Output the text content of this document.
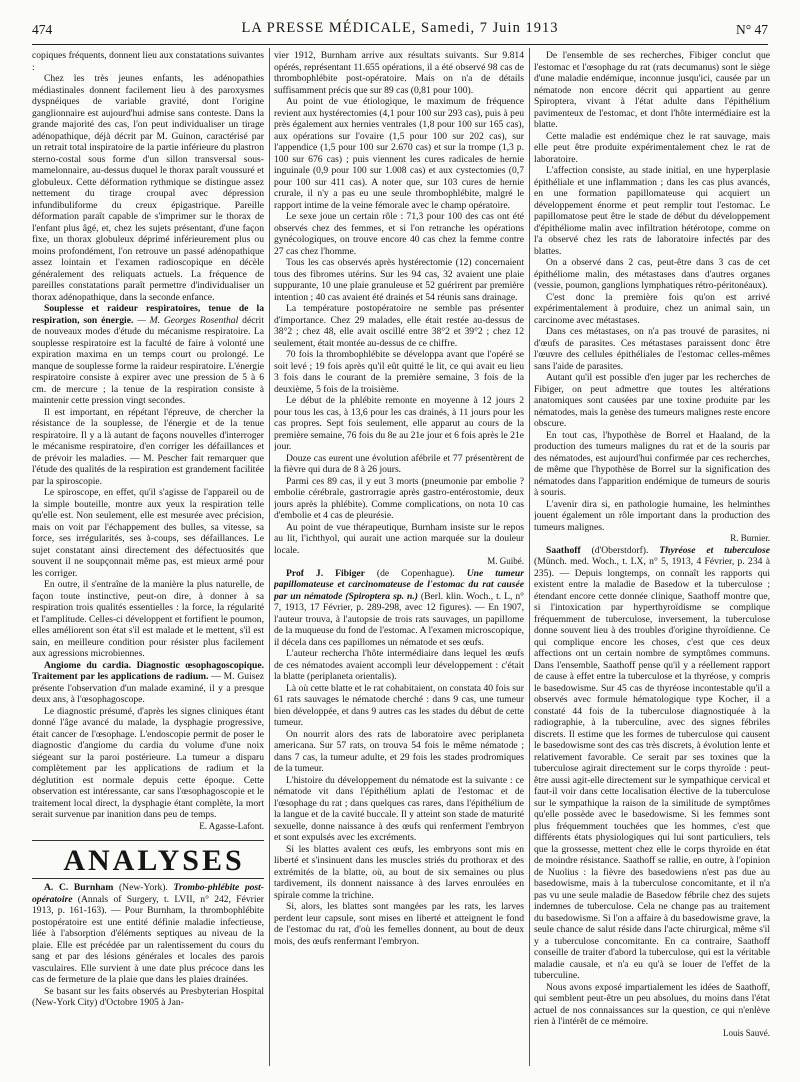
474	LA PRESSE MÉDICALE, Samedi, 7 Juin 1913	N° 47

copiques fréquents, donnent lieu aux constatations suivantes :

Chez les très jeunes enfants, les adénopathies médiastinales donnent facilement lieu à des paroxysmes dyspnéiques de variable gravité, dont l'origine ganglionnaire est aujourd'hui admise sans conteste. Dans la grande majorité des cas, l'on peut individualiser un tirage adénopathique, déjà décrit par M. Guinon, caractérisé par un retrait total inspiratoire de la partie inférieure du plastron sterno-costal sous forme d'un sillon transversal sous-mamelonnaire, au-dessus duquel le thorax paraît voussuré et globuleux. Cette déformation rythmique se distingue assez nettement du tirage croupal avec dépression infundibuliforme du creux épigastrique. Pareille déformation paraît capable de s'imprimer sur le thorax de l'enfant plus âgé, et, chez les sujets présentant, d'une façon fixe, un thorax globuleux déprimé inférieurement plus ou moins profondément, l'on retrouve un passé adénopathique assez lointain et l'examen radioscopique en décèle généralement des reliquats actuels. La fréquence de pareilles constatations paraît permettre d'individualiser un thorax adénopathique, dans la seconde enfance.

Souplesse et raideur respiratoires, tenue de la respiration, son énergie. — M. Georges Rosenthal décrit de nouveaux modes d'étude du mécanisme respiratoire. La souplesse respiratoire est la faculté de faire à volonté une expiration maxima en un temps court ou prolongé. Le manque de souplesse forme la raideur respiratoire. L'énergie respiratoire consiste à expirer avec une pression de 5 à 6 cm. de mercure ; la tenue de la respiration consiste à maintenir cette pression vingt secondes.

Il est important, en répétant l'épreuve, de chercher la résistance de la souplesse, de l'énergie et de la tenue respiratoire. Il y a là autant de façons nouvelles d'interroger le mécanisme respiratoire, d'en corriger les défaillances et de prévoir les maladies. — M. Pescher fait remarquer que l'étude des qualités de la respiration est grandement facilitée par la spiroscopie.

Le spiroscope, en effet, qu'il s'agisse de l'appareil ou de la simple bouteille, montre aux yeux la respiration telle qu'elle est. Non seulement, elle est mesurée avec précision, mais on voit par l'échappement des bulles, sa vitesse, sa force, ses irrégularités, ses à-coups, ses défaillances. Le sujet constatant ainsi directement des défectuosités que souvent il ne soupçonnait même pas, est mieux armé pour les corriger.

En outre, il s'entraîne de la manière la plus naturelle, de façon toute instinctive, peut-on dire, à donner à sa respiration trois qualités essentielles : la force, la régularité et l'amplitude. Celles-ci développent et fortifient le poumon, elles améliorent son état s'il est malade et le mettent, s'il est sain, en meilleure condition pour résister plus facilement aux agressions microbiennes.

Angiome du cardia. Diagnostic œsophagoscopique. Traitement par les applications de radium. — M. Guisez présente l'observation d'un malade examiné, il y a presque deux ans, à l'œsophagoscope.

Le diagnostic présumé, d'après les signes cliniques étant donné l'âge avancé du malade, la dysphagie progressive, était cancer de l'œsophage. L'endoscopie permit de poser le diagnostic d'angiome du cardia du volume d'une noix siégeant sur la paroi postérieure. La tumeur a disparu complètement par les applications de radium et la déglutition est normale depuis cette époque. Cette observation est intéressante, car sans l'œsophagoscopie et le traitement local direct, la dysphagie étant complète, la mort serait survenue par inanition dans peu de temps.

E. Agasse-Lafont.

ANALYSES

A. C. Burnham (New-York). Trombo-phlébite post-opératoire (Annals of Surgery, t. LVII, n° 242, Février 1913, p. 161-163). — Pour Burnham, la thrombophlébite postopératoire est une entité définie maladie infectieuse, liée à l'absorption d'éléments septiques au niveau de la plaie. Elle est précédée par un ralentissement du cours du sang et par des lésions générales et locales des parois vasculaires. Elle survient à une date plus précoce dans les cas de fermeture de la plaie que dans les plaies drainées.

Se basant sur les faits observés au Presbyterian Hospital (New-York City) d'Octobre 1905 à Jan-

vier 1912, Burnham arrive aux résultats suivants. Sur 9.814 opérés, représentant 11.655 opérations, il a été observé 98 cas de thrombophlébite post-opératoire. Mais on n'a de détails suffisamment précis que sur 89 cas (0,81 pour 100).

Au point de vue étiologique, le maximum de fréquence revient aux hystérectomies (4,1 pour 100 sur 293 cas), puis à peu près également aux hernies ventrales (1,8 pour 100 sur 165 cas), aux opérations sur l'ovaire (1,5 pour 100 sur 202 cas), sur l'appendice (1,5 pour 100 sur 2.670 cas) et sur la trompe (1,3 p. 100 sur 676 cas) ; puis viennent les cures radicales de hernie inguinale (0,9 pour 100 sur 1.008 cas) et aux cystectomies (0,7 pour 100 sur 411 cas). A noter que, sur 103 cures de hernie crurale, il n'y a pas eu une seule thrombophlébite, malgré le rapport intime de la veine fémorale avec le champ opératoire.

Le sexe joue un certain rôle : 71,3 pour 100 des cas ont été observés chez des femmes, et si l'on retranche les opérations gynécologiques, on trouve encore 40 cas chez la femme contre 27 cas chez l'homme.

Tous les cas observés après hystérectomie (12) concernaient tous des fibromes utérins. Sur les 94 cas, 32 avaient une plaie suppurante, 10 une plaie granuleuse et 52 guérirent par première intention ; 40 cas avaient été drainés et 54 réunis sans drainage.

La température postopératoire ne semble pas présenter d'importance. Chez 29 malades, elle était restée au-dessus de 38°2 ; chez 48, elle avait oscillé entre 38°2 et 39°2 ; chez 12 seulement, était montée au-dessus de ce chiffre.

70 fois la thrombophlébite se développa avant que l'opéré se soit levé ; 19 fois après qu'il eût quitté le lit, ce qui avait eu lieu 3 fois dans le courant de la première semaine, 3 fois de la deuxième, 5 fois de la troisième.

Le début de la phlébite remonte en moyenne à 12 jours 2 pour tous les cas, à 13,6 pour les cas drainés, à 11 jours pour les cas propres. Sept fois seulement, elle apparut au cours de la première semaine, 76 fois du 8e au 21e jour et 6 fois après le 21e jour.

Douze cas eurent une évolution afébrile et 77 présentèrent de la fièvre qui dura de 8 à 26 jours.

Parmi ces 89 cas, il y eut 3 morts (pneumonie par embolie ? embolie cérébrale, gastrorragie après gastro-entérostomie, deux jours après la phlébite). Comme complications, on nota 10 cas d'embolie et 4 cas de pleurésie.

Au point de vue thérapeutique, Burnham insiste sur le repos au lit, l'ichthyol, qui aurait une action marquée sur la douleur locale.

M. Guibé.

Prof J. Fibiger (de Copenhague). Une tumeur papillomateuse et carcinomateuse de l'estomac du rat causée par un nématode (Spiroptera sp. n.) (Berl. klin. Woch., t. L, n° 7, 1913, 17 Février, p. 289-298, avec 12 figures). — En 1907, l'auteur trouva, à l'autopsie de trois rats sauvages, un papillome de la muqueuse du fond de l'estomac. A l'examen microscopique, il décela dans ces papillomes un nématode et ses œufs.

L'auteur rechercha l'hôte intermédiaire dans lequel les œufs de ces nématodes avaient accompli leur développement : c'était la blatte (periplaneta orientalis).

Là où cette blatte et le rat cohabitaient, on constata 40 fois sur 61 rats sauvages le nématode cherché : dans 9 cas, une tumeur bien développée, et dans 9 autres cas les stades du début de cette tumeur.

On nourrit alors des rats de laboratoire avec periplaneta americana. Sur 57 rats, on trouva 54 fois le même nématode ; dans 7 cas, la tumeur adulte, et 29 fois les stades prodromiques de la tumeur.

L'histoire du développement du nématode est la suivante : ce nématode vit dans l'épithélium aplati de l'estomac et de l'œsophage du rat ; dans quelques cas rares, dans l'épithélium de la langue et de la cavité buccale. Il y atteint son stade de maturité sexuelle, donne naissance à des œufs qui renferment l'embryon et sont expulsés avec les excréments.

Si les blattes avalent ces œufs, les embryons sont mis en liberté et s'insinuent dans les muscles striés du prothorax et des extrémités de la blatte, où, au bout de six semaines ou plus tardivement, ils donnent naissance à des larves enroulées en spirale comme la trichine.

Si, alors, les blattes sont mangées par les rats, les larves perdent leur capsule, sont mises en liberté et atteignent le fond de l'estomac du rat, d'où les femelles donnent, au bout de deux mois, des œufs renfermant l'embryon.

De l'ensemble de ses recherches, Fibiger conclut que l'estomac et l'œsophage du rat (rats decumanus) sont le siège d'une maladie endémique, inconnue jusqu'ici, causée par un nématode non encore décrit qui appartient au genre Spiroptera, vivant à l'état adulte dans l'épithélium pavimenteux de l'estomac, et dont l'hôte intermédiaire est la blatte.

Cette maladie est endémique chez le rat sauvage, mais elle peut être produite expérimentalement chez le rat de laboratoire.

L'affection consiste, au stade initial, en une hyperplasie épithéliale et une inflammation ; dans les cas plus avancés, en une formation papillomateuse qui acquiert un développement énorme et peut remplir tout l'estomac. Le papillomatose peut être le stade de début du développement d'épithéliome malin avec infiltration hétérotope, comme on l'a observé chez les rats de laboratoire infectés par des blattes.

On a observé dans 2 cas, peut-être dans 3 cas de cet épithéliome malin, des métastases dans d'autres organes (vessie, poumon, ganglions lymphatiques rétro-péritonéaux).

C'est donc la première fois qu'on est arrivé expérimentalement à produire, chez un animal sain, un carcinome avec métastases.

Dans ces métastases, on n'a pas trouvé de parasites, ni d'œufs de parasites. Ces métastases paraissent donc être l'œuvre des cellules épithéliales de l'estomac celles-mêmes sans l'aide de parasites.

Autant qu'il est possible d'en juger par les recherches de Fibiger, on peut admettre que toutes les altérations anatomiques sont causées par une toxine produite par les nématodes, mais la genèse des tumeurs malignes reste encore obscure.

En tout cas, l'hypothèse de Borrel et Haaland, de la production des tumeurs malignes du rat et de la souris par des nématodes, est aujourd'hui confirmée par ces recherches, de même que l'hypothèse de Borrel sur la signification des nématodes dans l'apparition endémique de tumeurs de souris à souris.

L'avenir dira si, en pathologie humaine, les helminthes jouent également un rôle important dans la production des tumeurs malignes.

R. Burnier.

Saathoff (d'Oberstdorf). Thyréose et tuberculose (Münch. med. Woch., t. LX, n° 5, 1913, 4 Février, p. 234 à 235). — Depuis longtemps, on connaît les rapports qui existent entre la maladie de Basedow et la tuberculose ; étendant encore cette donnée clinique, Saathoff montre que, si l'intoxication par hyperthyroïdisme se complique fréquemment de tuberculose, inversement, la tuberculose donne souvent lieu à des troubles d'origine thyroïdienne. Ce qui complique encore les choses, c'est que ces deux affections ont un certain nombre de symptômes communs. Dans l'ensemble, Saathoff pense qu'il y a réellement rapport de cause à effet entre la tuberculose et la thyréose, y compris le basedowisme. Sur 45 cas de thyréose incontestable qu'il a observés avec formule hématologique type Kocher, il a constaté 44 fois de la tuberculose diagnostiquée à la radiographie, à la tuberculine, avec des signes fébriles discrets. Il estime que les formes de tuberculose qui causent le basedowisme sont des cas très discrets, à évolution lente et relativement favorable. Ce serait par ses toxines que la tuberculose agirait directement sur le corps thyroïde : peut-être aussi agit-elle directement sur le sympathique cervical et faut-il voir dans cette localisation élective de la tuberculose sur le sympathique la raison de la similitude de symptômes qu'elle possède avec le basedowisme. Si les femmes sont plus fréquemment touchées que les hommes, c'est que différents états physiologiques qui lui sont particuliers, tels que la grossesse, mettent chez elle le corps thyroïde en état de moindre résistance. Saathoff se rallie, en outre, à l'opinion de Nuolius : la fièvre des basedowiens n'est pas due au basedowisme, mais à la tuberculose concomitante, et il n'a pas vu une seule maladie de Basedow fébrile chez des sujets indemnes de tuberculose. Cela ne change pas au traitement du basedowisme. Si l'on a affaire à du basedowisme grave, la seule chance de salut réside dans l'acte chirurgical, même s'il y a tuberculose concomitante. En ca contraire, Saathoff conseille de traiter d'abord la tuberculose, qui est la véritable maladie causale, et n'a eu qu'à se louer de l'effet de la tuberculine.

Nous avons exposé impartialement les idées de Saathoff, qui semblent peut-être un peu absolues, du moins dans l'état actuel de nos connaissances sur la question, ce qui n'enlève rien à l'intérêt de ce mémoire.

Louis Sauvé.
